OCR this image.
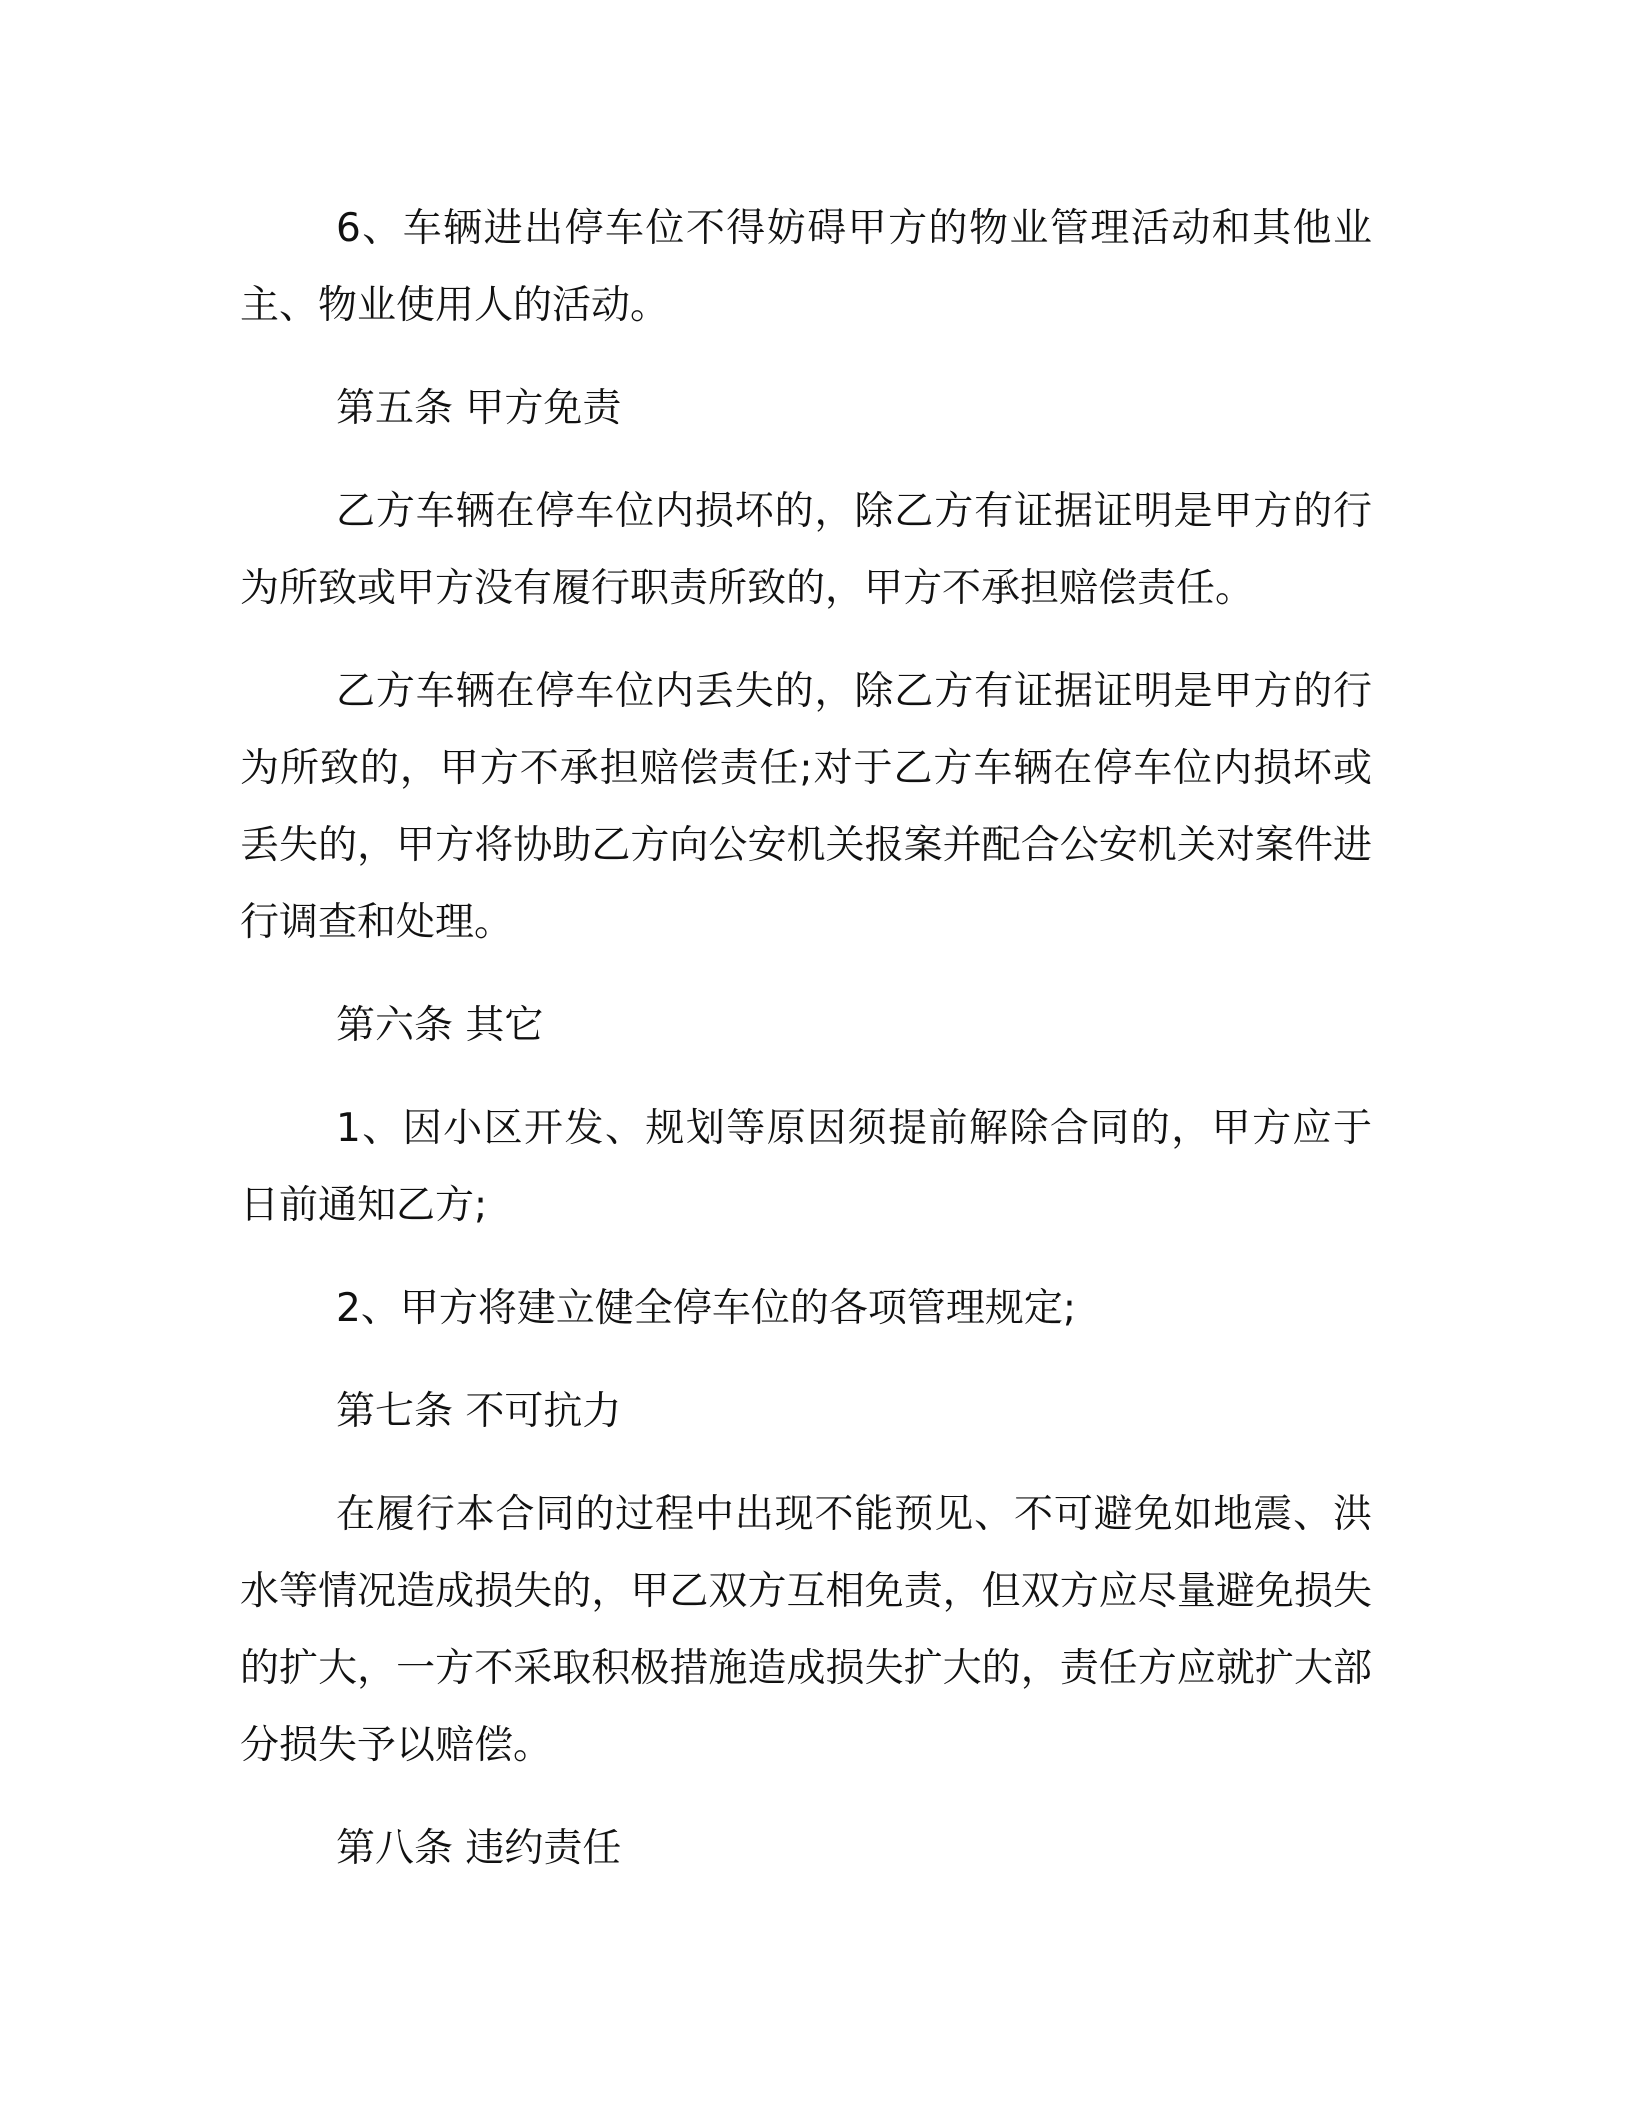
6、车辆进出停车位不得妨碍甲方的物业管理活动和其他业主、物业使用人的活动。

第五条 甲方免责

乙方车辆在停车位内损坏的，除乙方有证据证明是甲方的行为所致或甲方没有履行职责所致的，甲方不承担赔偿责任。

乙方车辆在停车位内丢失的，除乙方有证据证明是甲方的行为所致的，甲方不承担赔偿责任;对于乙方车辆在停车位内损坏或丢失的，甲方将协助乙方向公安机关报案并配合公安机关对案件进行调查和处理。

第六条 其它

1、因小区开发、规划等原因须提前解除合同的，甲方应于日前通知乙方;

2、甲方将建立健全停车位的各项管理规定;

第七条 不可抗力

在履行本合同的过程中出现不能预见、不可避免如地震、洪水等情况造成损失的，甲乙双方互相免责，但双方应尽量避免损失的扩大，一方不采取积极措施造成损失扩大的，责任方应就扩大部分损失予以赔偿。

第八条 违约责任
